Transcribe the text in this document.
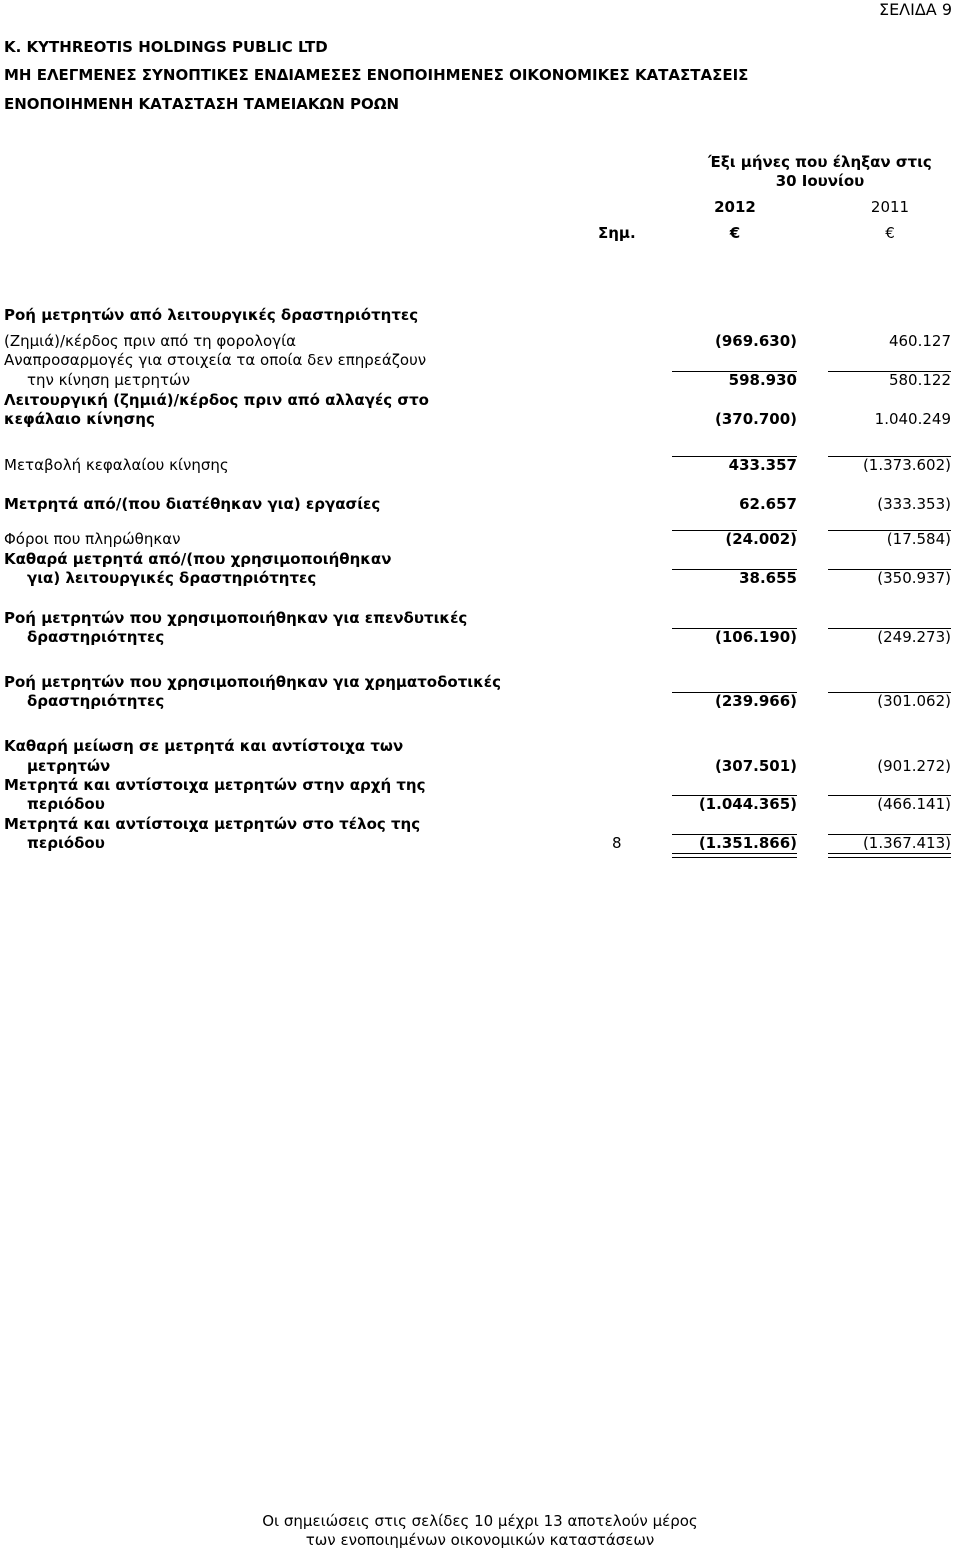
ΣΕΛΙΔΑ 9
K. KYTHREOTIS HOLDINGS PUBLIC LTD
ΜΗ ΕΛΕΓΜΕΝΕΣ ΣΥΝΟΠΤΙΚΕΣ ΕΝΔΙΑΜΕΣΕΣ ΕΝΟΠΟΙΗΜΕΝΕΣ ΟΙΚΟΝΟΜΙΚΕΣ ΚΑΤΑΣΤΑΣΕΙΣ
ΕΝΟΠΟΙΗΜΕΝΗ ΚΑΤΑΣΤΑΣΗ ΤΑΜΕΙΑΚΩΝ ΡΟΩΝ
Έξι μήνες που έληξαν στις
30 Ιουνίου
2012	2011
Σημ.	€	€
Ροή μετρητών από λειτουργικές δραστηριότητες
(Ζημιά)/κέρδος πριν από τη φορολογία	(969.630)	460.127
Αναπροσαρμογές για στοιχεία τα οποία δεν επηρεάζουν
την κίνηση μετρητών	598.930	580.122
Λειτουργική (ζημιά)/κέρδος πριν από αλλαγές στο
κεφάλαιο κίνησης	(370.700)	1.040.249
Μεταβολή κεφαλαίου κίνησης	433.357	(1.373.602)
Μετρητά από/(που διατέθηκαν για) εργασίες	62.657	(333.353)
Φόροι που πληρώθηκαν	(24.002)	(17.584)
Καθαρά μετρητά από/(που χρησιμοποιήθηκαν
για) λειτουργικές δραστηριότητες	38.655	(350.937)
Ροή μετρητών που χρησιμοποιήθηκαν για επενδυτικές
δραστηριότητες	(106.190)	(249.273)
Ροή μετρητών που χρησιμοποιήθηκαν για χρηματοδοτικές
δραστηριότητες	(239.966)	(301.062)
Καθαρή μείωση σε μετρητά και αντίστοιχα των
μετρητών	(307.501)	(901.272)
Μετρητά και αντίστοιχα μετρητών στην αρχή της
περιόδου	(1.044.365)	(466.141)
Μετρητά και αντίστοιχα μετρητών στο τέλος της
περιόδου	8	(1.351.866)	(1.367.413)
Οι σημειώσεις στις σελίδες 10 μέχρι 13 αποτελούν μέρος
των ενοποιημένων οικονομικών καταστάσεων
